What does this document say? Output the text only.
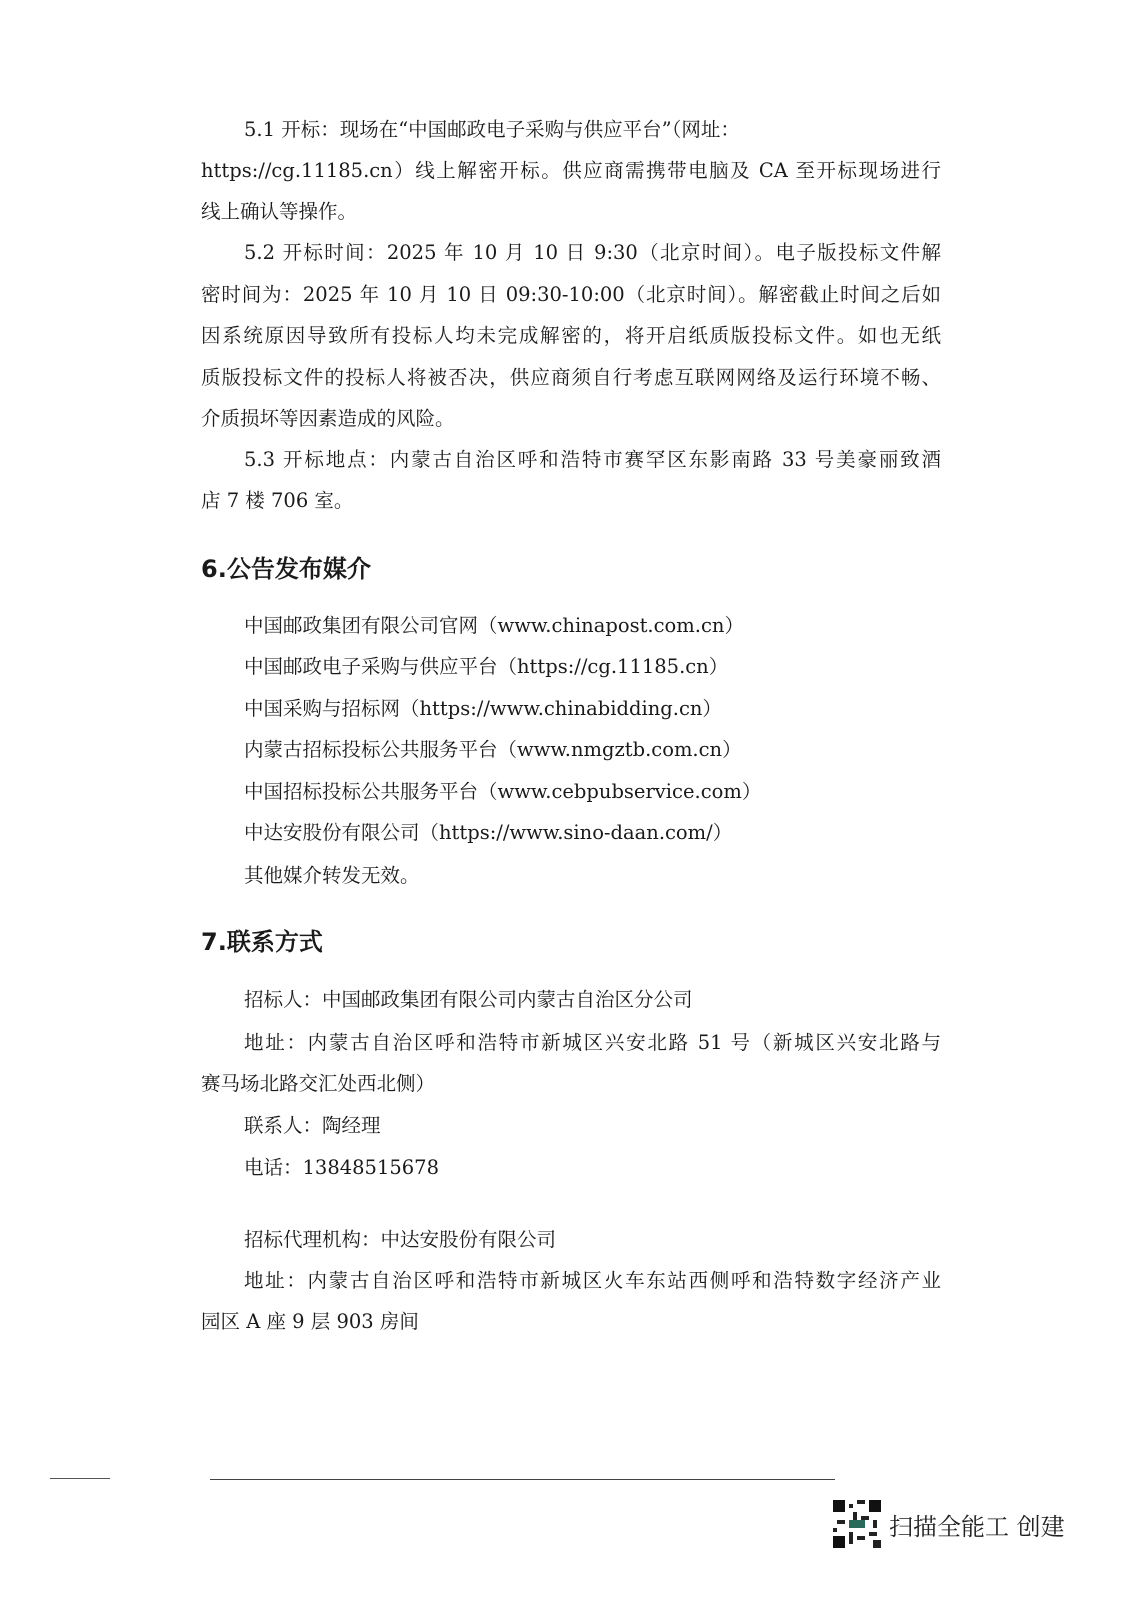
5.1 开标：现场在“中国邮政电子采购与供应平台”（网址：
https://cg.11185.cn）线上解密开标。供应商需携带电脑及 CA 至开标现场进行
线上确认等操作。
5.2 开标时间：2025 年 10 月 10 日 9:30（北京时间）。电子版投标文件解
密时间为：2025 年 10 月 10 日 09:30-10:00（北京时间）。解密截止时间之后如
因系统原因导致所有投标人均未完成解密的，将开启纸质版投标文件。如也无纸
质版投标文件的投标人将被否决，供应商须自行考虑互联网网络及运行环境不畅、
介质损坏等因素造成的风险。
5.3 开标地点：内蒙古自治区呼和浩特市赛罕区东影南路 33 号美豪丽致酒
店 7 楼 706 室。
6.公告发布媒介
中国邮政集团有限公司官网（www.chinapost.com.cn）
中国邮政电子采购与供应平台（https://cg.11185.cn）
中国采购与招标网（https://www.chinabidding.cn）
内蒙古招标投标公共服务平台（www.nmgztb.com.cn）
中国招标投标公共服务平台（www.cebpubservice.com）
中达安股份有限公司（https://www.sino-daan.com/）
其他媒介转发无效。
7.联系方式
招标人：中国邮政集团有限公司内蒙古自治区分公司
地址：内蒙古自治区呼和浩特市新城区兴安北路 51 号（新城区兴安北路与
赛马场北路交汇处西北侧）
联系人：陶经理
电话：13848515678
招标代理机构：中达安股份有限公司
地址：内蒙古自治区呼和浩特市新城区火车东站西侧呼和浩特数字经济产业
园区 A 座 9 层 903 房间
扫描全能工 创建
